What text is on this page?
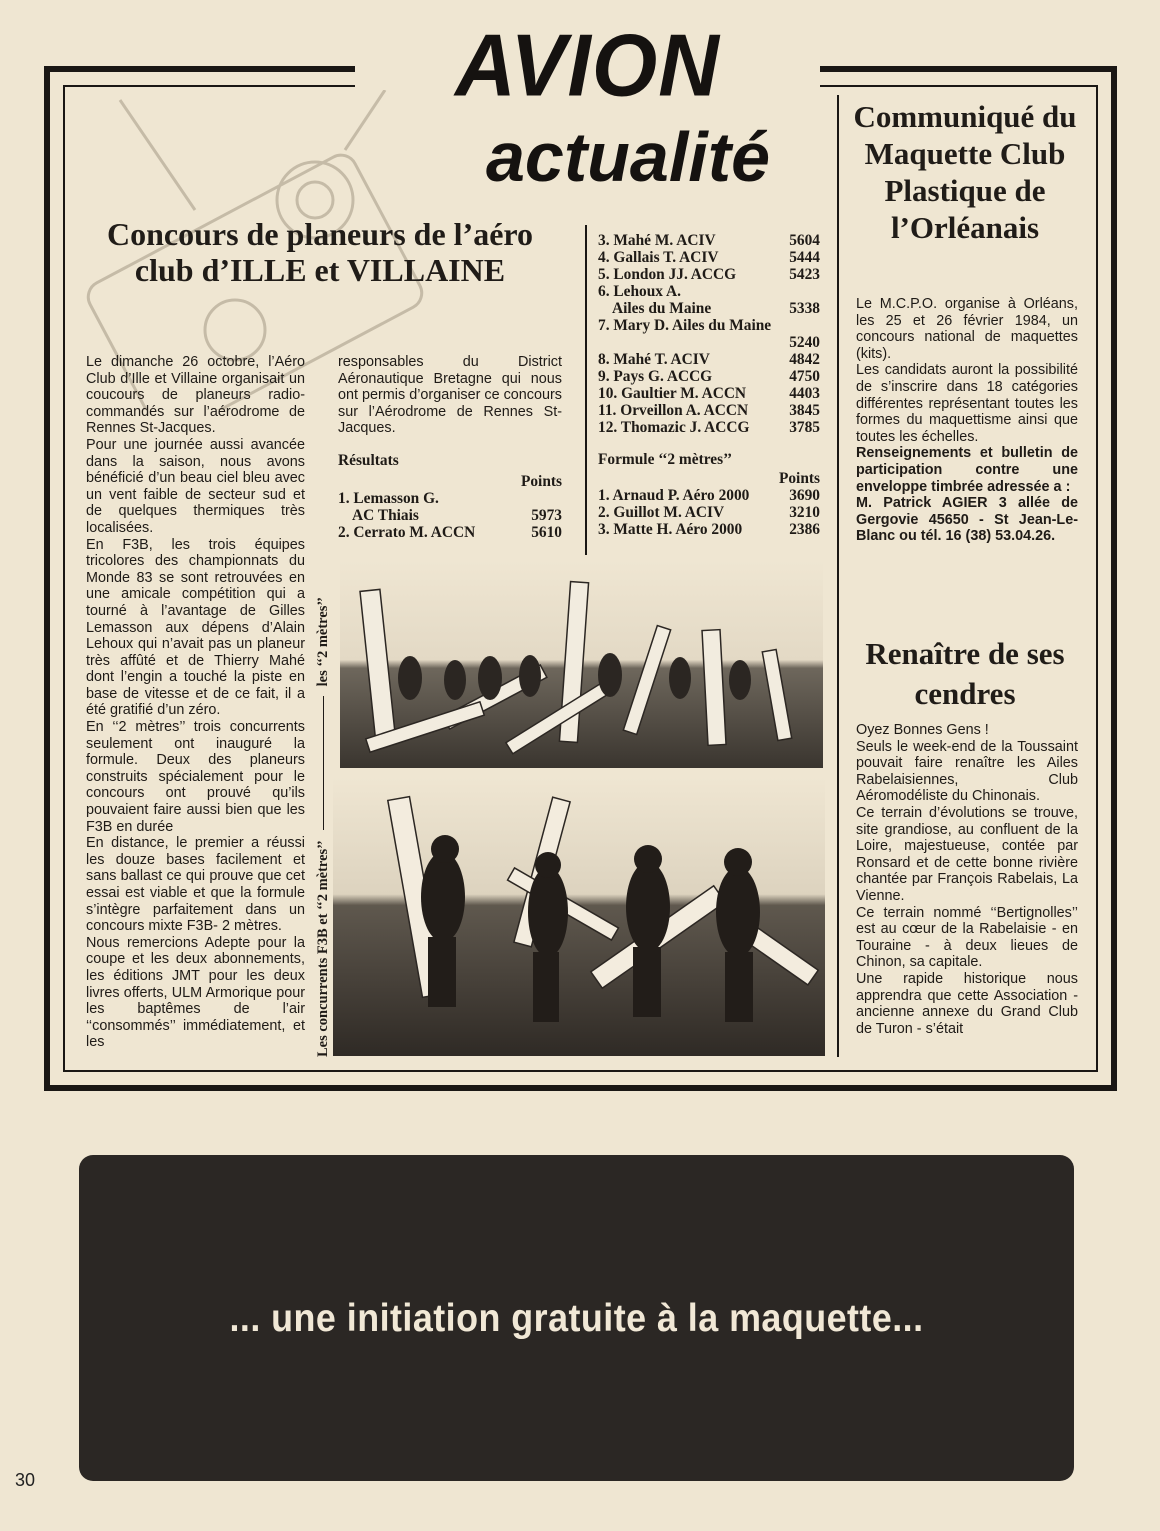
AVION
actualité
Concours de planeurs de l’aéro club d’ILLE et VILLAINE

Le dimanche 26 octobre, l’Aéro Club d’Ille et Villaine organisait un coucours de planeurs radio-commandés sur l’aérodrome de Rennes St-Jacques.

Pour une journée aussi avancée dans la saison, nous avons bénéficié d’un beau ciel bleu avec un vent faible de secteur sud et de quelques thermiques très localisées.

En F3B, les trois équipes tricolores des championnats du Monde 83 se sont retrouvées en une amicale compétition qui a tourné à l’avantage de Gilles Lemasson aux dépens d’Alain Lehoux qui n’avait pas un planeur très affûté et de Thierry Mahé dont l’engin a touché la piste en base de vitesse et de ce fait, il a été gratifié d’un zéro.

En ‘‘2 mètres’’ trois concurrents seulement ont inauguré la formule. Deux des planeurs construits spécialement pour le concours ont prouvé qu’ils pouvaient faire aussi bien que les F3B en durée

En distance, le premier a réussi les douze bases facilement et sans ballast ce qui prouve que cet essai est viable et que la formule s’intègre parfaitement dans un concours mixte F3B- 2 mètres.

Nous remercions Adepte pour la coupe et les deux abonnements, les éditions JMT pour les deux livres offerts, ULM Armorique pour les baptêmes de l’air ‘‘consommés’’ immédiatement, et les

responsables du District Aéronautique Bretagne qui nous ont permis d’organiser ce concours sur l’Aérodrome de Rennes St-Jacques.

Résultats
Points
1. Lemasson G.
AC Thiais	5973
2. Cerrato M. ACCN	5610
3. Mahé M. ACIV	5604
4. Gallais T. ACIV	5444
5. London JJ. ACCG	5423
6. Lehoux A.
Ailes du Maine	5338
7. Mary D. Ailes du Maine
5240
8. Mahé T. ACIV	4842
9. Pays G. ACCG	4750
10. Gaultier M. ACCN	4403
11. Orveillon A. ACCN	3845
12. Thomazic J. ACCG	3785
Formule ‘‘2 mètres’’
Points
1. Arnaud P. Aéro 2000	3690
2. Guillot M. ACIV	3210
3. Matte H. Aéro 2000	2386
Les concurrents F3B et ‘‘2 mètres’’
les ‘‘2 mètres’’
Communiqué du Maquette Club Plastique de l’Orléanais

Le M.C.P.O. organise à Orléans, les 25 et 26 février 1984, un concours national de maquettes (kits).

Les candidats auront la possibilité de s’inscrire dans 18 catégories différentes représentant toutes les formes du maquettisme ainsi que toutes les échelles.

Renseignements et bulletin de participation contre une enveloppe timbrée adressée a :

M. Patrick AGIER 3 allée de Gergovie 45650 - St Jean-Le-Blanc ou tél. 16 (38) 53.04.26.

Renaître de ses cendres

Oyez Bonnes Gens !

Seuls le week-end de la Toussaint pouvait faire renaître les Ailes Rabelaisiennes, Club Aéromodéliste du Chinonais.

Ce terrain d’évolutions se trouve, site grandiose, au confluent de la Loire, majestueuse, contée par Ronsard et de cette bonne rivière chantée par François Rabelais, La Vienne.

Ce terrain nommé ‘‘Bertignolles’’ est au cœur de la Rabelaisie - en Touraine - à deux lieues de Chinon, sa capitale.

Une rapide historique nous apprendra que cette Association - ancienne annexe du Grand Club de Turon - s’était

... une initiation gratuite à la maquette...
30
